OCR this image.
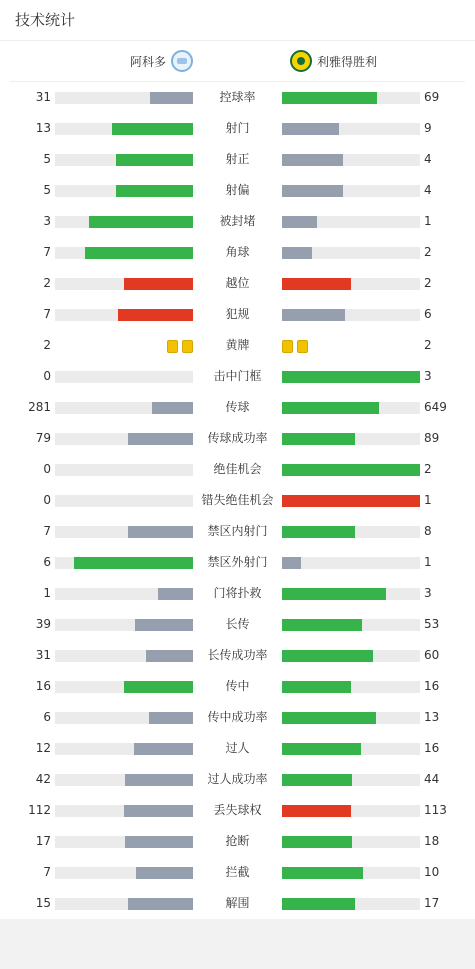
技术统计
阿科多	利雅得胜利
31	控球率	69
13	射门	9
5	射正	4
5	射偏	4
3	被封堵	1
7	角球	2
2	越位	2
7	犯规	6
2	黄牌	2
0	击中门框	3
281	传球	649
79	传球成功率	89
0	绝佳机会	2
0	错失绝佳机会	1
7	禁区内射门	8
6	禁区外射门	1
1	门将扑救	3
39	长传	53
31	长传成功率	60
16	传中	16
6	传中成功率	13
12	过人	16
42	过人成功率	44
112	丢失球权	113
17	抢断	18
7	拦截	10
15	解围	17
